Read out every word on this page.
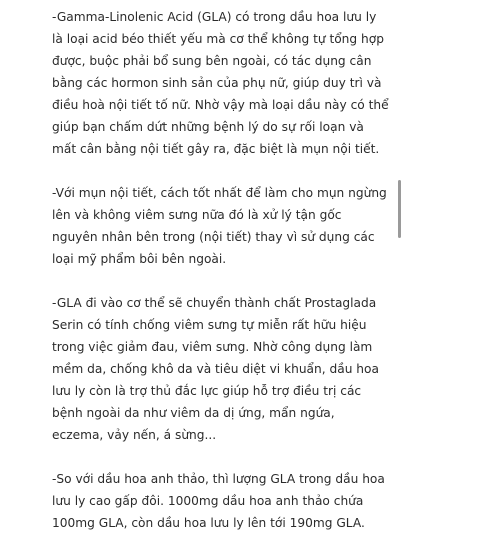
-Gamma-Linolenic Acid (GLA) có trong dầu hoa lưu ly
là loại acid béo thiết yếu mà cơ thể không tự tổng hợp
được, buộc phải bổ sung bên ngoài, có tác dụng cân
bằng các hormon sinh sản của phụ nữ, giúp duy trì và
điều hoà nội tiết tố nữ. Nhờ vậy mà loại dầu này có thể
giúp bạn chấm dứt những bệnh lý do sự rối loạn và
mất cân bằng nội tiết gây ra, đặc biệt là mụn nội tiết.

-Với mụn nội tiết, cách tốt nhất để làm cho mụn ngừng
lên và không viêm sưng nữa đó là xử lý tận gốc
nguyên nhân bên trong (nội tiết) thay vì sử dụng các
loại mỹ phẩm bôi bên ngoài.

-GLA đi vào cơ thể sẽ chuyển thành chất Prostaglada
Serin có tính chống viêm sưng tự miễn rất hữu hiệu
trong việc giảm đau, viêm sưng. Nhờ công dụng làm
mềm da, chống khô da và tiêu diệt vi khuẩn, dầu hoa
lưu ly còn là trợ thủ đắc lực giúp hỗ trợ điều trị các
bệnh ngoài da như viêm da dị ứng, mẩn ngứa,
eczema, vảy nến, á sừng...

-So với dầu hoa anh thảo, thì lượng GLA trong dầu hoa
lưu ly cao gấp đôi. 1000mg dầu hoa anh thảo chứa
100mg GLA, còn dầu hoa lưu ly lên tới 190mg GLA.
